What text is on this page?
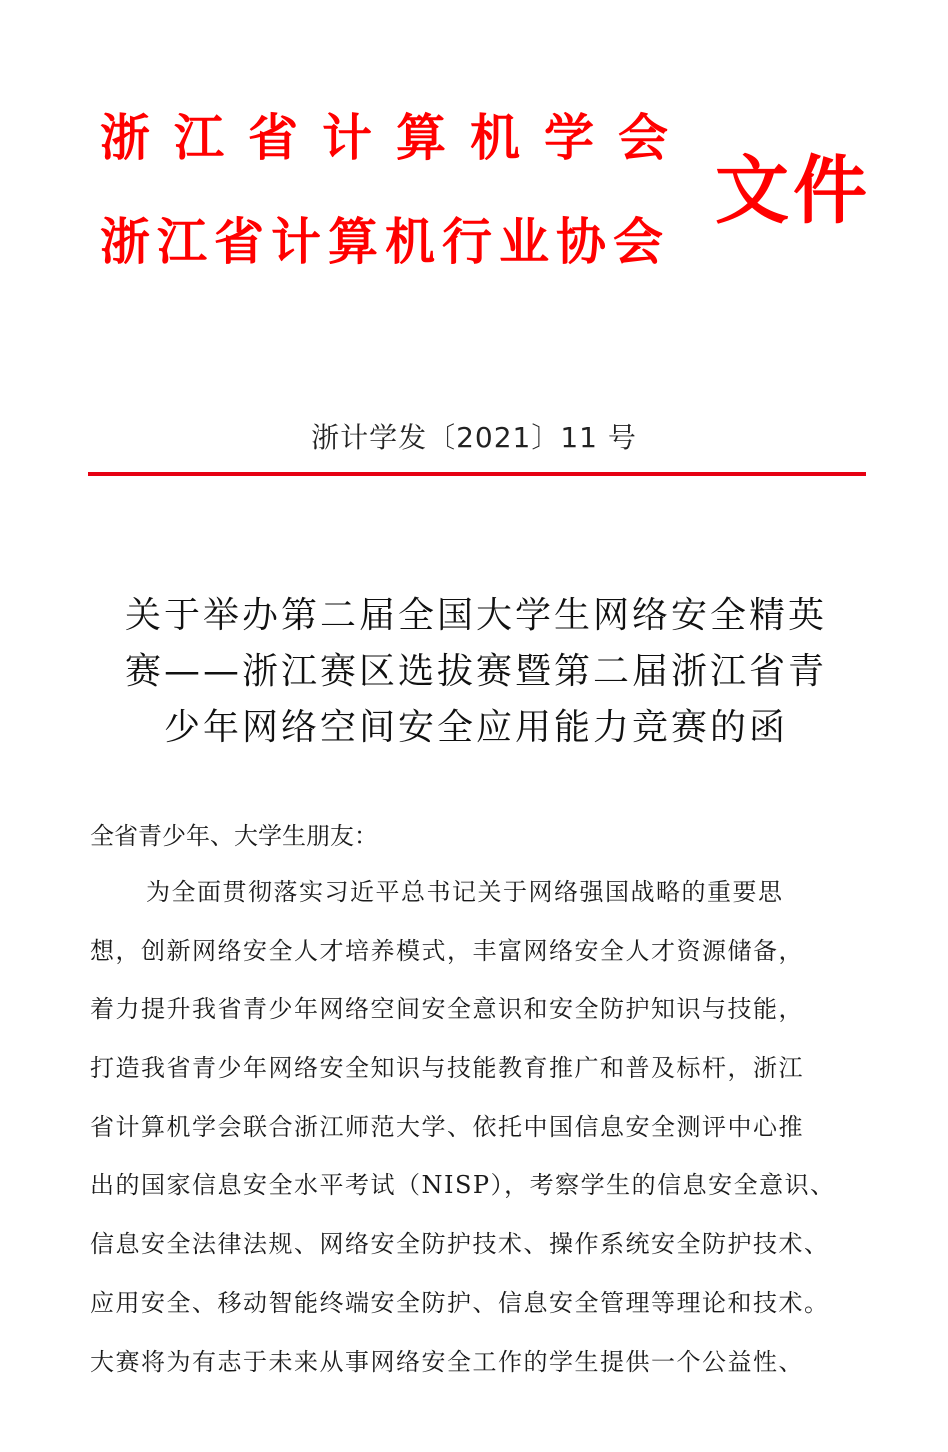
浙江省计算机学会
浙江省计算机行业协会
文件
浙计学发〔2021〕11 号
关于举办第二届全国大学生网络安全精英
赛——浙江赛区选拔赛暨第二届浙江省青
少年网络空间安全应用能力竞赛的函
全省青少年、大学生朋友：
为全面贯彻落实习近平总书记关于网络强国战略的重要思
想，创新网络安全人才培养模式，丰富网络安全人才资源储备，
着力提升我省青少年网络空间安全意识和安全防护知识与技能，
打造我省青少年网络安全知识与技能教育推广和普及标杆，浙江
省计算机学会联合浙江师范大学、依托中国信息安全测评中心推
出的国家信息安全水平考试（NISP），考察学生的信息安全意识、
信息安全法律法规、网络安全防护技术、操作系统安全防护技术、
应用安全、移动智能终端安全防护、信息安全管理等理论和技术。
大赛将为有志于未来从事网络安全工作的学生提供一个公益性、
